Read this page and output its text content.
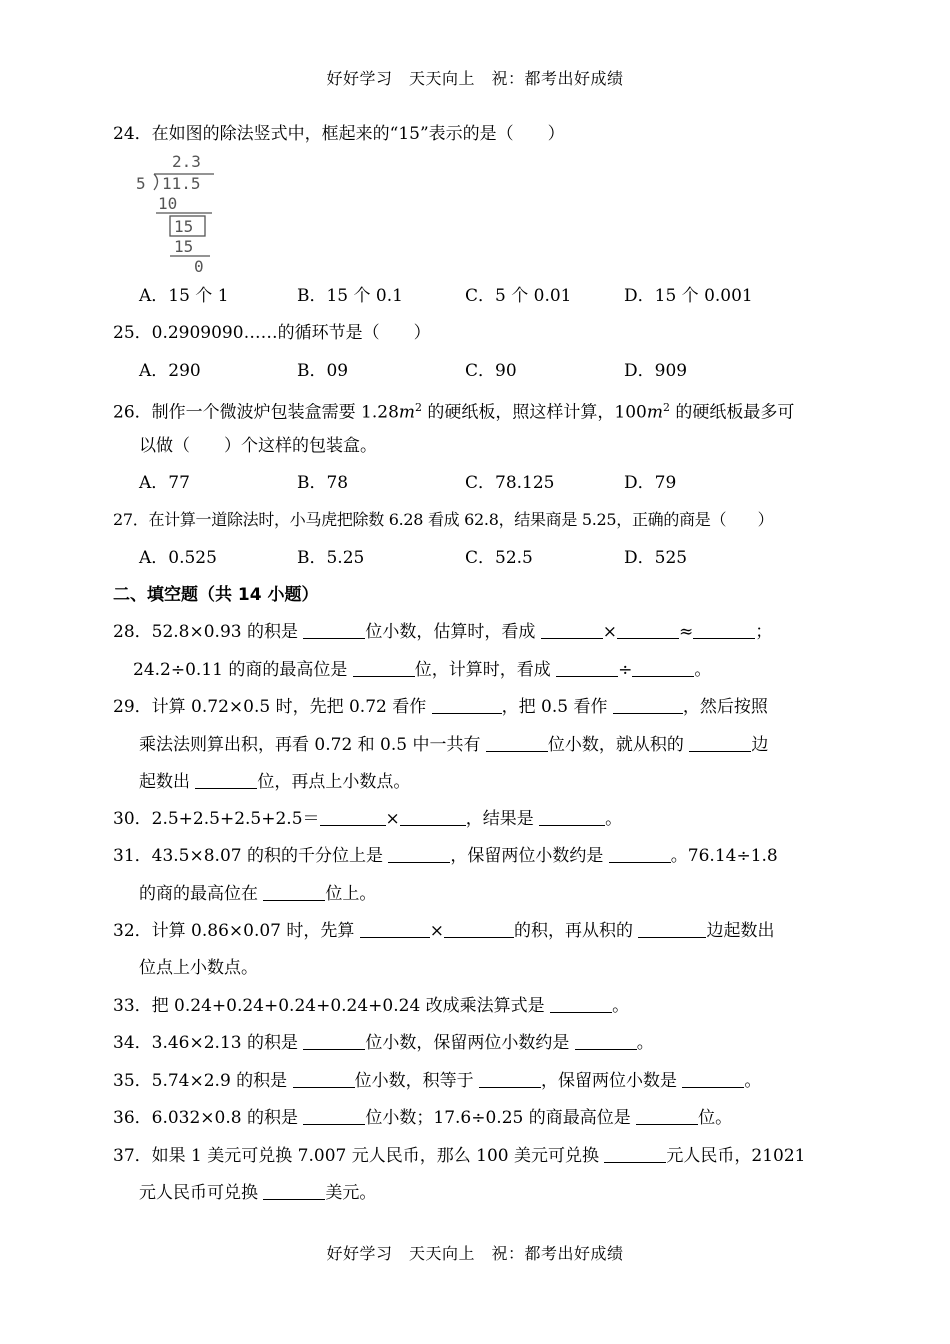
好好学习　天天向上　祝：都考出好成绩
24．在如图的除法竖式中，框起来的“15”表示的是（　　）
2.3
5 11.5
10
15
15
0
A．15 个 1	B．15 个 0.1	C．5 个 0.01	D．15 个 0.001
25．0.2909090……的循环节是（　　）
A．290	B．09	C．90	D．909
26．制作一个微波炉包装盒需要 $1.28m^2$ 的硬纸板，照这样计算，$100m^2$ 的硬纸板最多可
以做（　　）个这样的包装盒。
A．77	B．78	C．78.125	D．79
27．在计算一道除法时，小马虎把除数 6.28 看成 62.8，结果商是 5.25，正确的商是（　　）
A．0.525	B．5.25	C．52.5	D．525
二、填空题（共 14 小题）
28．52.8×0.93 的积是	位小数，估算时，看成	×	≈	；
24.2÷0.11 的商的最高位是	位，计算时，看成	÷	。
29．计算 0.72×0.5 时，先把 0.72 看作	，把 0.5 看作	，然后按照
乘法法则算出积，再看 0.72 和 0.5 中一共有	位小数，就从积的	边
起数出	位，再点上小数点。
30．2.5+2.5+2.5+2.5＝	×	，结果是	。
31．43.5×8.07 的积的千分位上是	，保留两位小数约是	。76.14÷1.8
的商的最高位在	位上。
32．计算 0.86×0.07 时，先算	×	的积，再从积的	边起数出
位点上小数点。
33．把 0.24+0.24+0.24+0.24+0.24 改成乘法算式是	。
34．3.46×2.13 的积是	位小数，保留两位小数约是	。
35．5.74×2.9 的积是	位小数，积等于	，保留两位小数是	。
36．6.032×0.8 的积是	位小数；17.6÷0.25 的商最高位是	位。
37．如果 1 美元可兑换 7.007 元人民币，那么 100 美元可兑换	元人民币，21021
元人民币可兑换	美元。
好好学习　天天向上　祝：都考出好成绩
